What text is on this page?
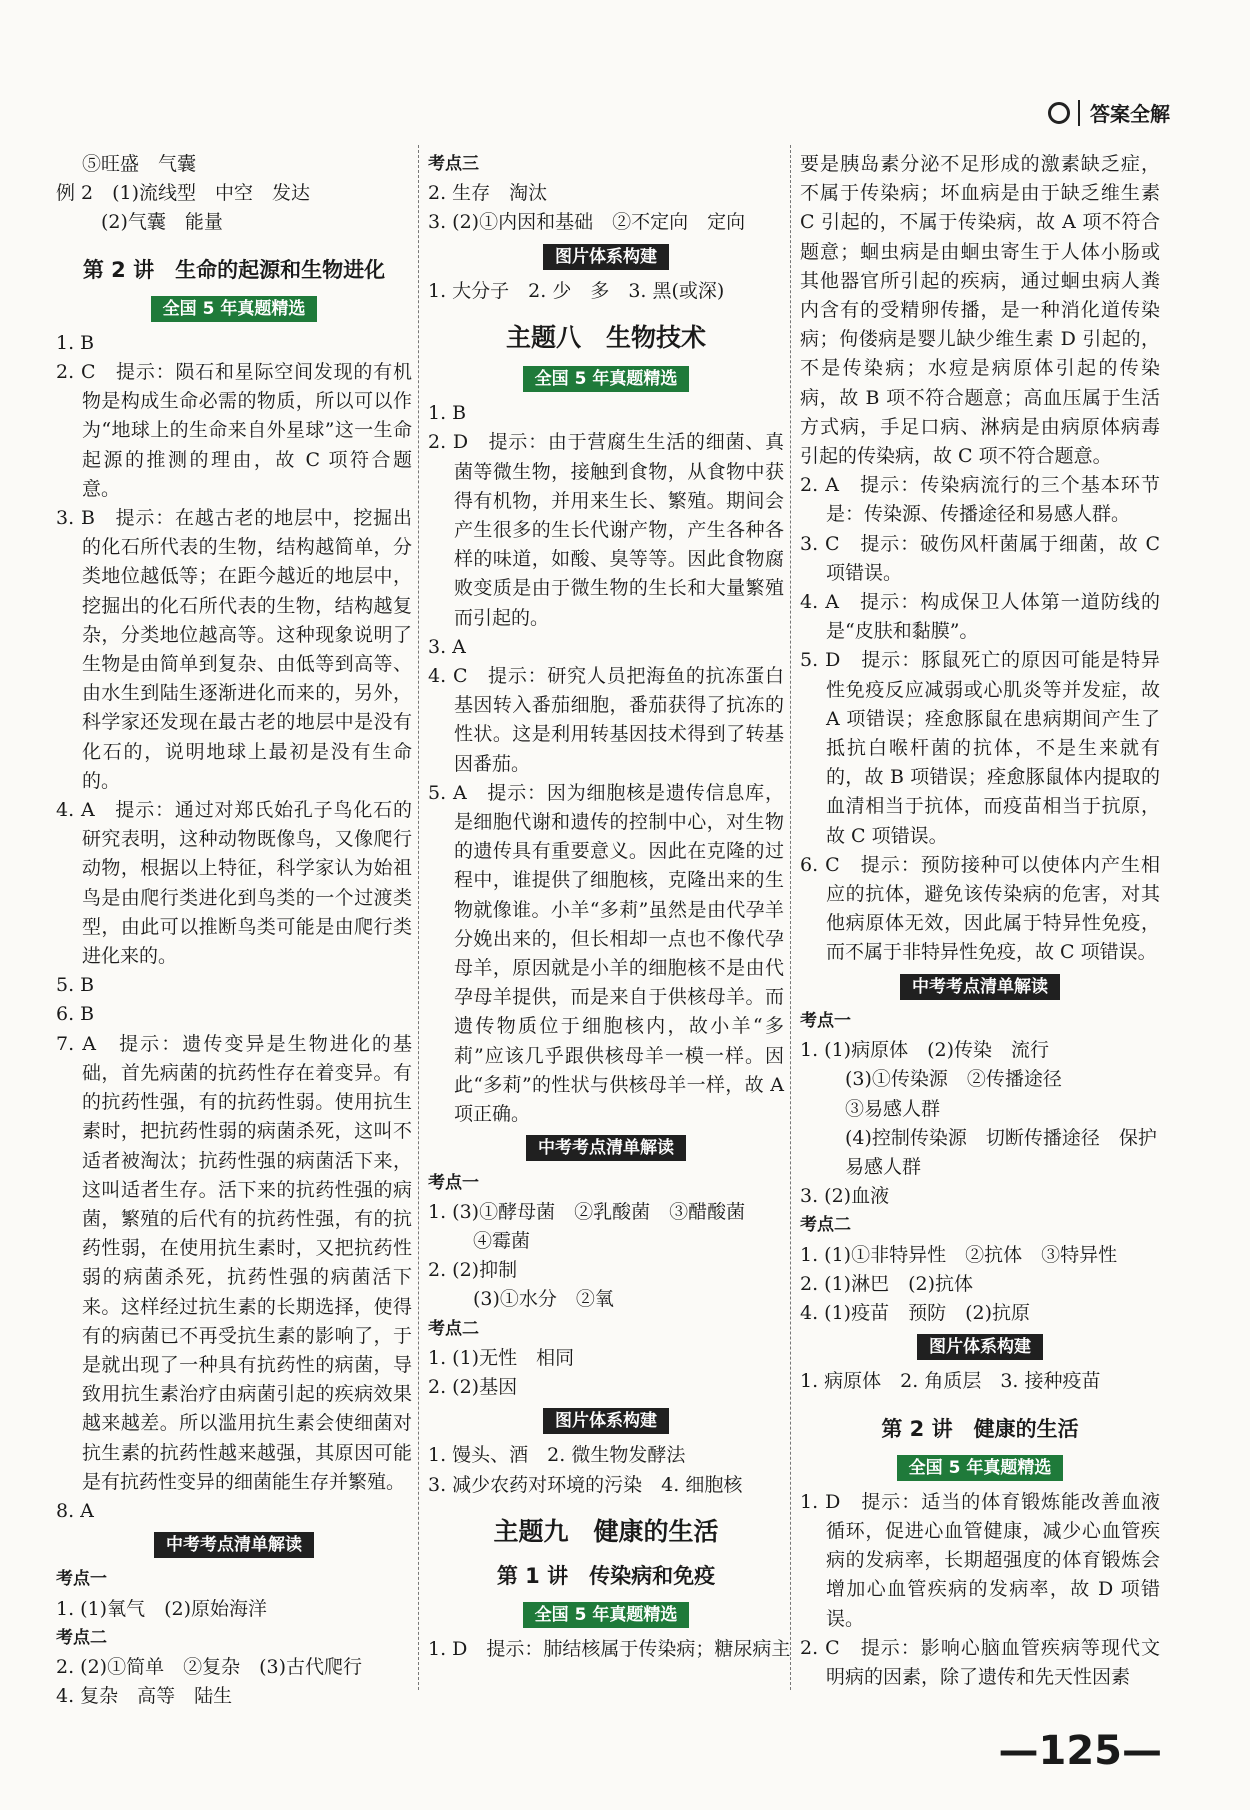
答案全解
⑤旺盛　气囊
例 2　(1)流线型　中空　发达
　(2)气囊　能量
第 2 讲　生命的起源和生物进化
全国 5 年真题精选
1. B
2. C　提示：陨石和星际空间发现的有机物是构成生命必需的物质，所以可以作为“地球上的生命来自外星球”这一生命起源的推测的理由，故 C 项符合题意。
3. B　提示：在越古老的地层中，挖掘出的化石所代表的生物，结构越简单，分类地位越低等；在距今越近的地层中，挖掘出的化石所代表的生物，结构越复杂，分类地位越高等。这种现象说明了生物是由简单到复杂、由低等到高等、由水生到陆生逐渐进化而来的，另外，科学家还发现在最古老的地层中是没有化石的，说明地球上最初是没有生命的。
4. A　提示：通过对郑氏始孔子鸟化石的研究表明，这种动物既像鸟，又像爬行动物，根据以上特征，科学家认为始祖鸟是由爬行类进化到鸟类的一个过渡类型，由此可以推断鸟类可能是由爬行类进化来的。
5. B
6. B
7. A　提示：遗传变异是生物进化的基础，首先病菌的抗药性存在着变异。有的抗药性强，有的抗药性弱。使用抗生素时，把抗药性弱的病菌杀死，这叫不适者被淘汰；抗药性强的病菌活下来，这叫适者生存。活下来的抗药性强的病菌，繁殖的后代有的抗药性强，有的抗药性弱，在使用抗生素时，又把抗药性弱的病菌杀死，抗药性强的病菌活下来。这样经过抗生素的长期选择，使得有的病菌已不再受抗生素的影响了，于是就出现了一种具有抗药性的病菌，导致用抗生素治疗由病菌引起的疾病效果越来越差。所以滥用抗生素会使细菌对抗生素的抗药性越来越强，其原因可能是有抗药性变异的细菌能生存并繁殖。
8. A
中考考点清单解读
考点一
1. (1)氧气　(2)原始海洋
考点二
2. (2)①简单　②复杂　(3)古代爬行
4. 复杂　高等　陆生
考点三
2. 生存　淘汰
3. (2)①内因和基础　②不定向　定向
图片体系构建
1. 大分子　2. 少　多　3. 黑(或深)
主题八　生物技术
全国 5 年真题精选
1. B
2. D　提示：由于营腐生生活的细菌、真菌等微生物，接触到食物，从食物中获得有机物，并用来生长、繁殖。期间会产生很多的生长代谢产物，产生各种各样的味道，如酸、臭等等。因此食物腐败变质是由于微生物的生长和大量繁殖而引起的。
3. A
4. C　提示：研究人员把海鱼的抗冻蛋白基因转入番茄细胞，番茄获得了抗冻的性状。这是利用转基因技术得到了转基因番茄。
5. A　提示：因为细胞核是遗传信息库，是细胞代谢和遗传的控制中心，对生物的遗传具有重要意义。因此在克隆的过程中，谁提供了细胞核，克隆出来的生物就像谁。小羊“多莉”虽然是由代孕羊分娩出来的，但长相却一点也不像代孕母羊，原因就是小羊的细胞核不是由代孕母羊提供，而是来自于供核母羊。而遗传物质位于细胞核内，故小羊“多莉”应该几乎跟供核母羊一模一样。因此“多莉”的性状与供核母羊一样，故 A 项正确。
中考考点清单解读
考点一
1. (3)①酵母菌　②乳酸菌　③醋酸菌
　④霉菌
2. (2)抑制
　(3)①水分　②氧
考点二
1. (1)无性　相同
2. (2)基因
图片体系构建
1. 馒头、酒　2. 微生物发酵法
3. 减少农药对环境的污染　4. 细胞核
主题九　健康的生活
第 1 讲　传染病和免疫
全国 5 年真题精选
1. D　提示：肺结核属于传染病；糖尿病主
要是胰岛素分泌不足形成的激素缺乏症，不属于传染病；坏血病是由于缺乏维生素 C 引起的，不属于传染病，故 A 项不符合题意；蛔虫病是由蛔虫寄生于人体小肠或其他器官所引起的疾病，通过蛔虫病人粪内含有的受精卵传播，是一种消化道传染病；佝偻病是婴儿缺少维生素 D 引起的，不是传染病；水痘是病原体引起的传染病，故 B 项不符合题意；高血压属于生活方式病，手足口病、淋病是由病原体病毒引起的传染病，故 C 项不符合题意。
2. A　提示：传染病流行的三个基本环节是：传染源、传播途径和易感人群。
3. C　提示：破伤风杆菌属于细菌，故 C 项错误。
4. A　提示：构成保卫人体第一道防线的是“皮肤和黏膜”。
5. D　提示：豚鼠死亡的原因可能是特异性免疫反应减弱或心肌炎等并发症，故 A 项错误；痊愈豚鼠在患病期间产生了抵抗白喉杆菌的抗体，不是生来就有的，故 B 项错误；痊愈豚鼠体内提取的血清相当于抗体，而疫苗相当于抗原，故 C 项错误。
6. C　提示：预防接种可以使体内产生相应的抗体，避免该传染病的危害，对其他病原体无效，因此属于特异性免疫，而不属于非特异性免疫，故 C 项错误。
中考考点清单解读
考点一
1. (1)病原体　(2)传染　流行
　(3)①传染源　②传播途径
　③易感人群
　(4)控制传染源　切断传播途径　保护
　易感人群
3. (2)血液
考点二
1. (1)①非特异性　②抗体　③特异性
2. (1)淋巴　(2)抗体
4. (1)疫苗　预防　(2)抗原
图片体系构建
1. 病原体　2. 角质层　3. 接种疫苗
第 2 讲　健康的生活
全国 5 年真题精选
1. D　提示：适当的体育锻炼能改善血液循环，促进心血管健康，减少心血管疾病的发病率，长期超强度的体育锻炼会增加心血管疾病的发病率，故 D 项错误。
2. C　提示：影响心脑血管疾病等现代文明病的因素，除了遗传和先天性因素
—125—
